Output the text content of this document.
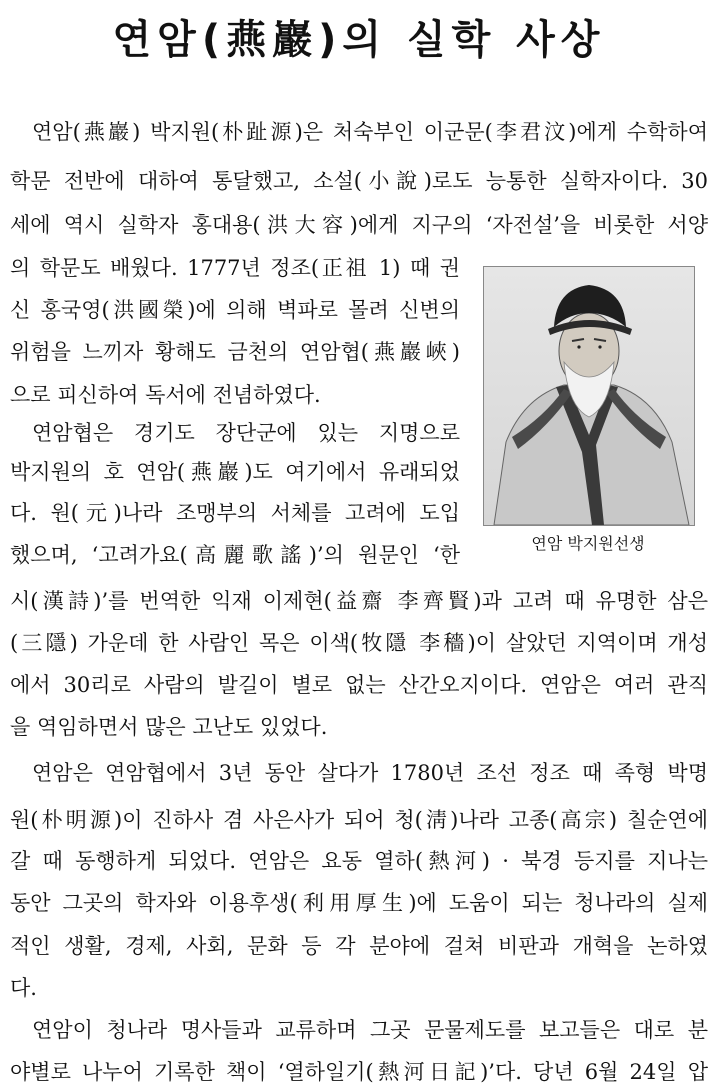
연암(燕巖)의 실학 사상
연암(燕巖) 박지원(朴趾源)은 처숙부인 이군문(李君汶)에게 수학하여
학문 전반에 대하여 통달했고, 소설(小說)로도 능통한 실학자이다. 30
세에 역시 실학자 홍대용(洪大容)에게 지구의 ‘자전설’을 비롯한 서양
의 학문도 배웠다. 1777년 정조(正祖 1) 때 권
신 홍국영(洪國榮)에 의해 벽파로 몰려 신변의
위험을 느끼자 황해도 금천의 연암협(燕巖峽)
으로 피신하여 독서에 전념하였다.
연암협은 경기도 장단군에 있는 지명으로
박지원의 호 연암(燕巖)도 여기에서 유래되었
다. 원(元)나라 조맹부의 서체를 고려에 도입
했으며, ‘고려가요(高麗歌謠)’의 원문인 ‘한
시(漢詩)’를 번역한 익재 이제현(益齋 李齊賢)과 고려 때 유명한 삼은
(三隱) 가운데 한 사람인 목은 이색(牧隱 李穡)이 살았던 지역이며 개성
에서 30리로 사람의 발길이 별로 없는 산간오지이다. 연암은 여러 관직
을 역임하면서 많은 고난도 있었다.
연암은 연암협에서 3년 동안 살다가 1780년 조선 정조 때 족형 박명
원(朴明源)이 진하사 겸 사은사가 되어 청(淸)나라 고종(高宗) 칠순연에
갈 때 동행하게 되었다. 연암은 요동 열하(熱河) · 북경 등지를 지나는
동안 그곳의 학자와 이용후생(利用厚生)에 도움이 되는 청나라의 실제
적인 생활, 경제, 사회, 문화 등 각 분야에 걸쳐 비판과 개혁을 논하였
다.
연암이 청나라 명사들과 교류하며 그곳 문물제도를 보고들은 대로 분
야별로 나누어 기록한 책이 ‘열하일기(熱河日記)’다. 당년 6월 24일 압
연암 박지원선생
